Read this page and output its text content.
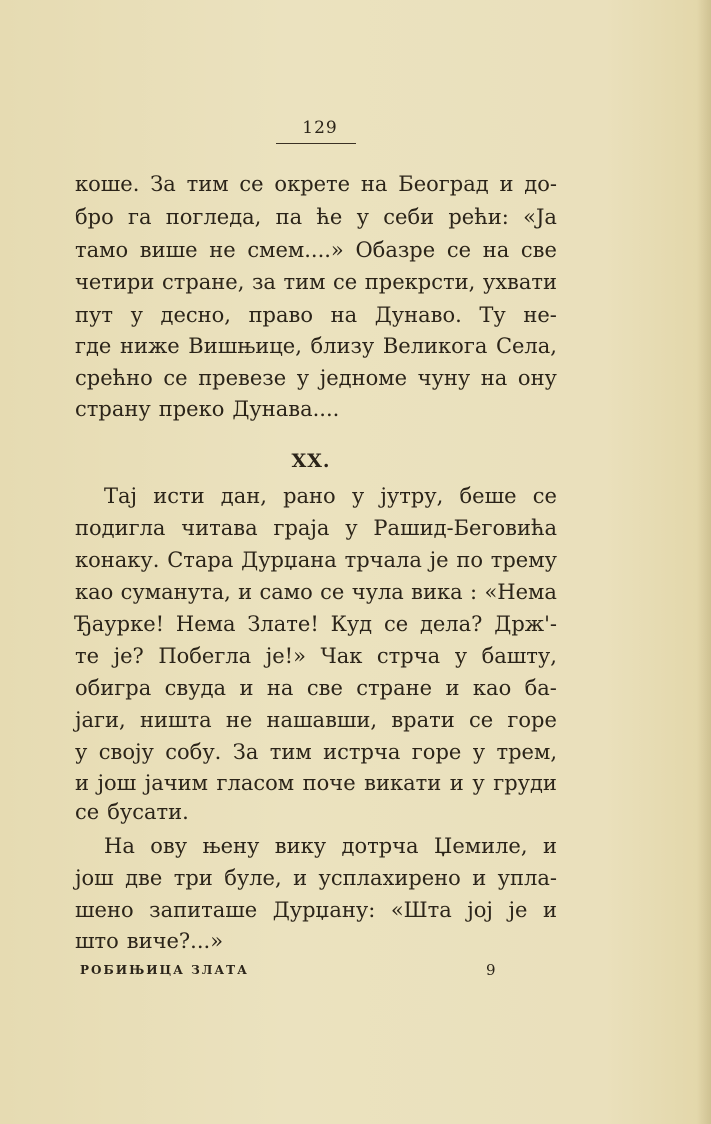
129
коше. За тим се окрете на Београд и до-
бро га погледа, па ће у себи рећи: «Ја
тамо више не смем....» Обазре се на све
четири стране, за тим се прекрсти, ухвати
пут у десно, право на Дунаво. Ту не-
где ниже Вишњице, близу Великога Села,
срећно се превезе у једноме чуну на ону
страну преко Дунава....
XX.
Тај исти дан, рано у јутру, беше се
подигла читава граја у Рашид-Беговића
конаку. Стара Дурџана трчала је по трему
као суманута, и само се чула вика : «Нема
Ђаурке! Нема Злате! Куд се дела? Држ'-
те је? Побегла је!» Чак стрча у башту,
обигра свуда и на све стране и као ба-
јаги, ништа не нашавши, врати се горе
у своју собу. За тим истрча горе у трем,
и још јачим гласом поче викати и у груди
се бусати.
На ову њену вику дотрча Џемиле, и
још две три буле, и усплахирено и упла-
шено запиташе Дурџану: «Шта јој је и
што виче?...»
РОБИЊИЦА ЗЛАТА	9
